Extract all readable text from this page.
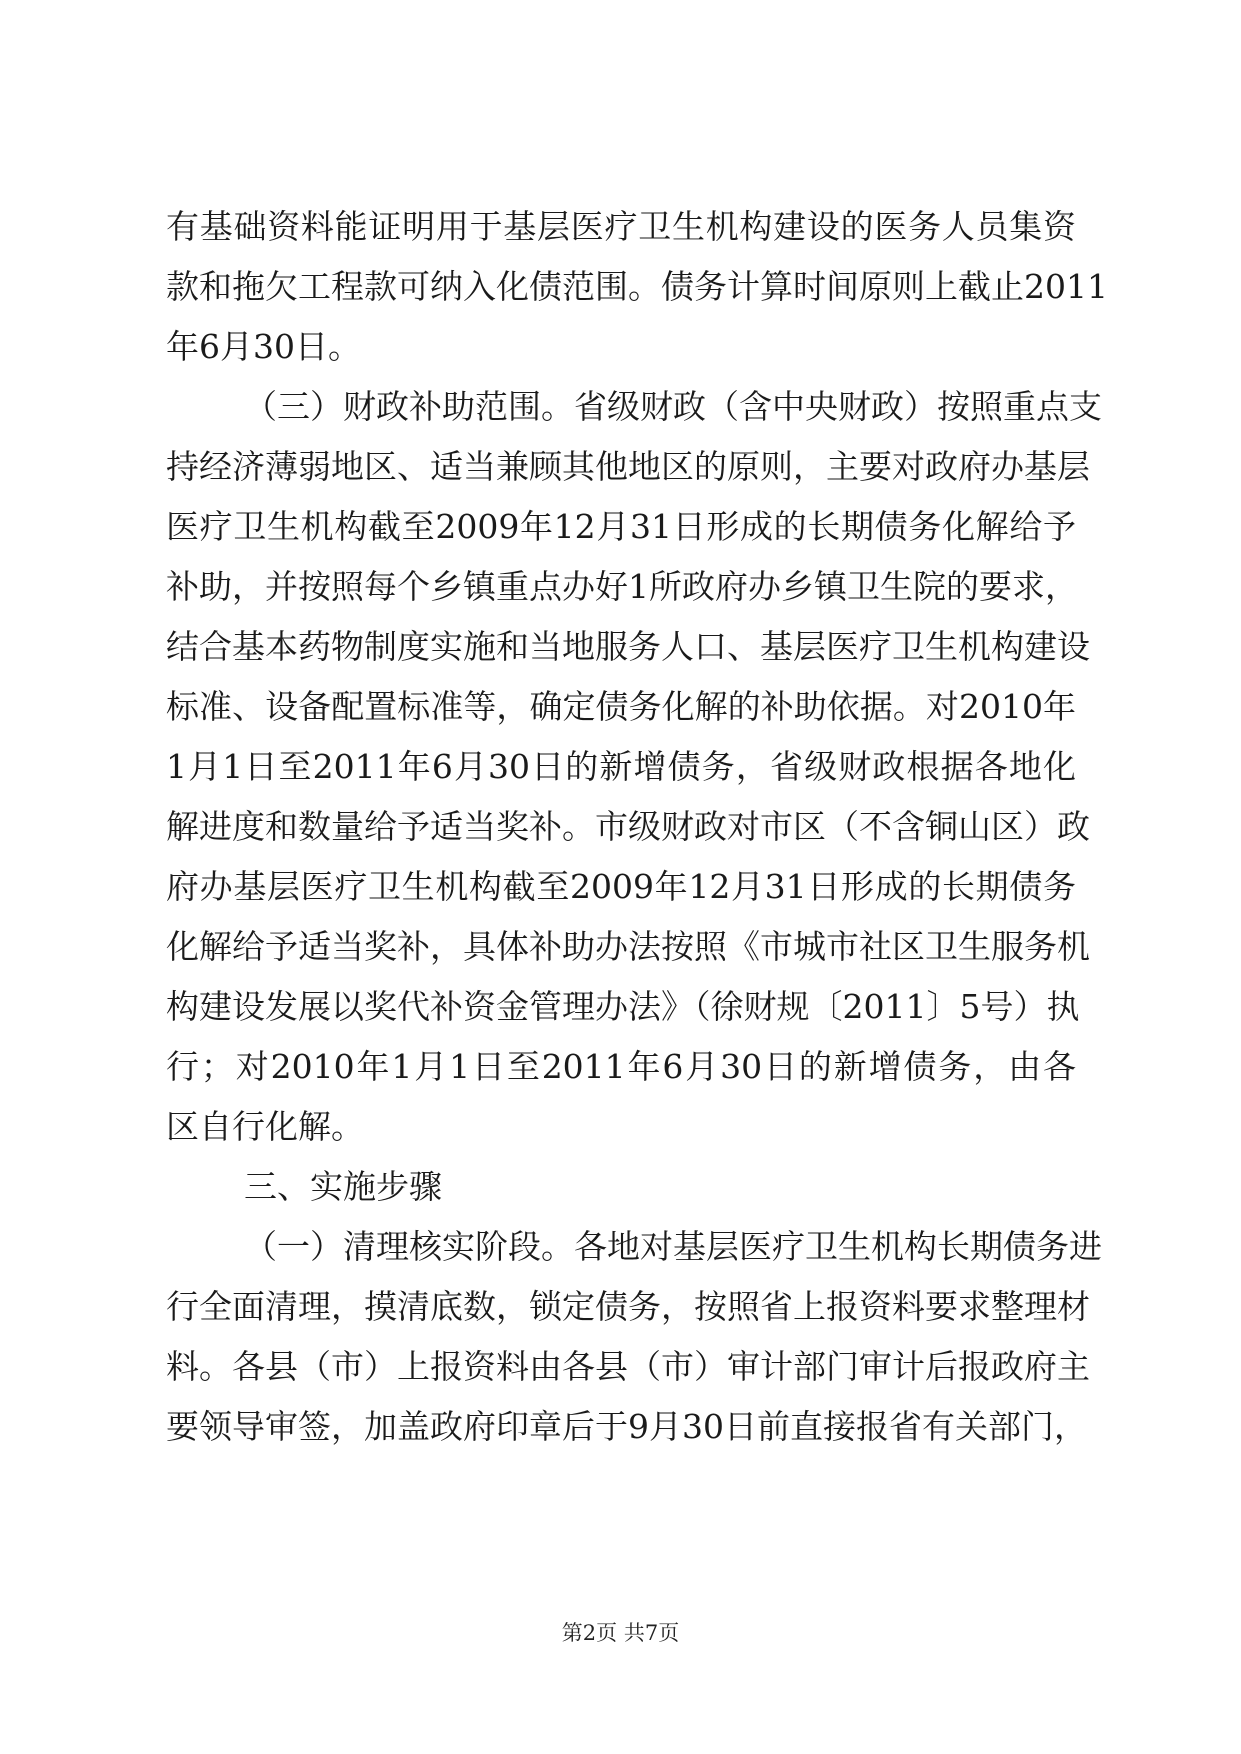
有基础资料能证明用于基层医疗卫生机构建设的医务人员集资
款和拖欠工程款可纳入化债范围。债务计算时间原则上截止2011
年6月30日。
（三）财政补助范围。省级财政（含中央财政）按照重点支
持经济薄弱地区、适当兼顾其他地区的原则，主要对政府办基层
医疗卫生机构截至2009年12月31日形成的长期债务化解给予
补助，并按照每个乡镇重点办好1所政府办乡镇卫生院的要求，
结合基本药物制度实施和当地服务人口、基层医疗卫生机构建设
标准、设备配置标准等，确定债务化解的补助依据。对2010年
1月1日至2011年6月30日的新增债务，省级财政根据各地化
解进度和数量给予适当奖补。市级财政对市区（不含铜山区）政
府办基层医疗卫生机构截至2009年12月31日形成的长期债务
化解给予适当奖补，具体补助办法按照《市城市社区卫生服务机
构建设发展以奖代补资金管理办法》（徐财规〔2011〕5号）执
行；对2010年1月1日至2011年6月30日的新增债务，由各
区自行化解。
三、实施步骤
（一）清理核实阶段。各地对基层医疗卫生机构长期债务进
行全面清理，摸清底数，锁定债务，按照省上报资料要求整理材
料。各县（市）上报资料由各县（市）审计部门审计后报政府主
要领导审签，加盖政府印章后于9月30日前直接报省有关部门，
第2页 共7页
